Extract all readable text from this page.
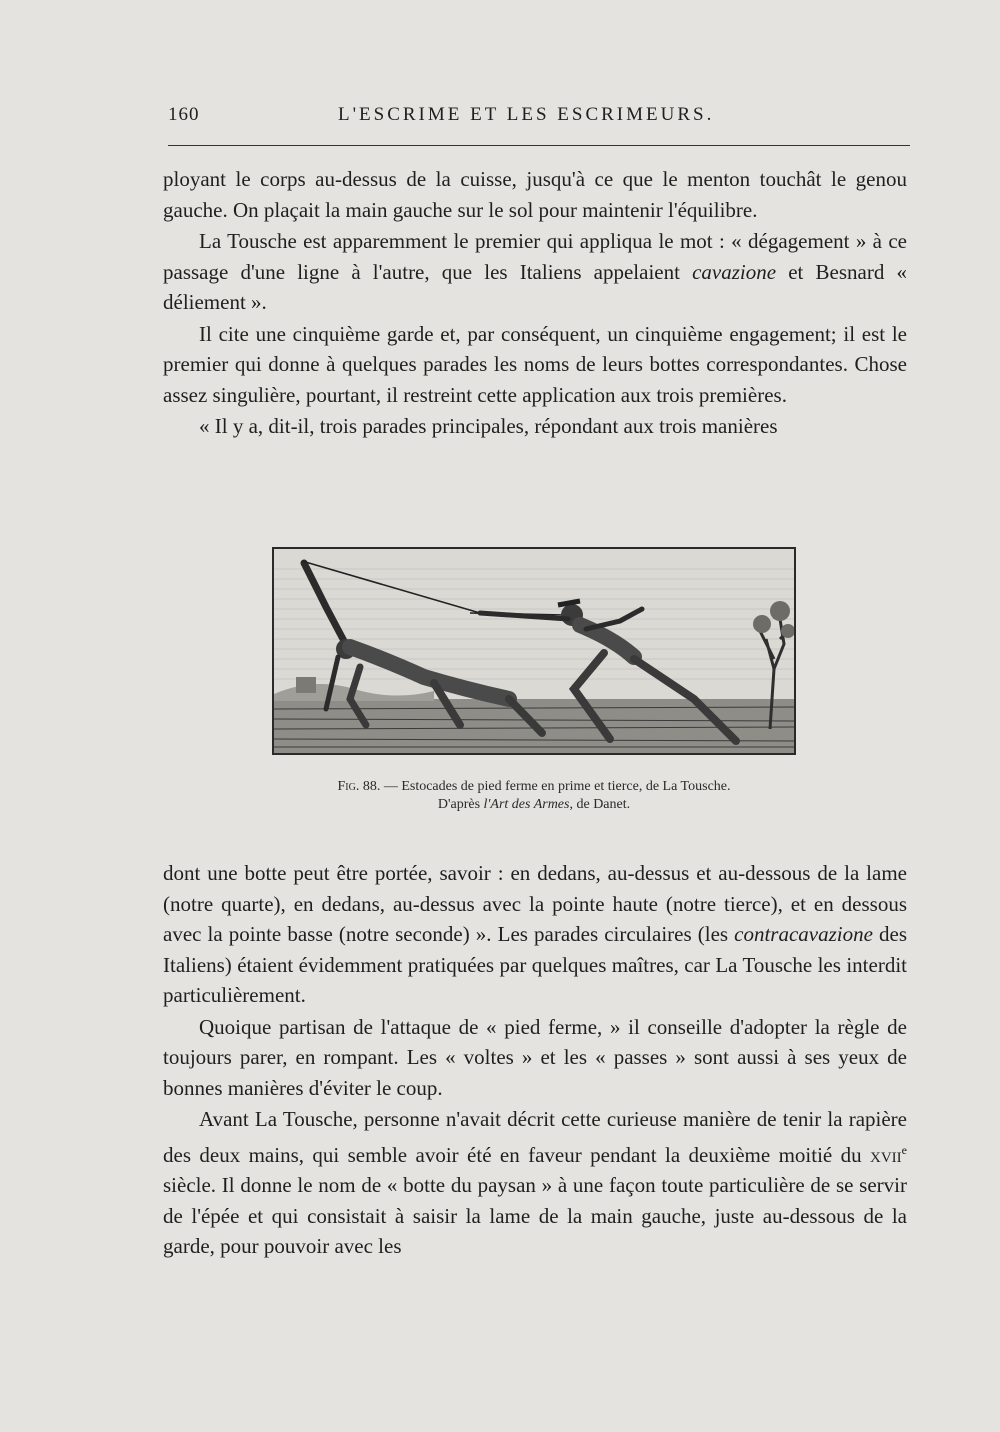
160	L'ESCRIME ET LES ESCRIMEURS.

ployant le corps au-dessus de la cuisse, jusqu'à ce que le menton touchât le genou gauche. On plaçait la main gauche sur le sol pour maintenir l'équilibre.

La Tousche est apparemment le premier qui appliqua le mot : « dégagement » à ce passage d'une ligne à l'autre, que les Italiens appelaient cavazione et Besnard « déliement ».

Il cite une cinquième garde et, par conséquent, un cinquième engagement; il est le premier qui donne à quelques parades les noms de leurs bottes correspondantes. Chose assez singulière, pourtant, il restreint cette application aux trois premières.

« Il y a, dit-il, trois parades principales, répondant aux trois manières

Fig. 88. — Estocades de pied ferme en prime et tierce, de La Tousche.
D'après l'Art des Armes, de Danet.

dont une botte peut être portée, savoir : en dedans, au-dessus et au-dessous de la lame (notre quarte), en dedans, au-dessus avec la pointe haute (notre tierce), et en dessous avec la pointe basse (notre seconde) ». Les parades circulaires (les contracavazione des Italiens) étaient évidemment pratiquées par quelques maîtres, car La Tousche les interdit particulièrement.

Quoique partisan de l'attaque de « pied ferme, » il conseille d'adopter la règle de toujours parer, en rompant. Les « voltes » et les « passes » sont aussi à ses yeux de bonnes manières d'éviter le coup.

Avant La Tousche, personne n'avait décrit cette curieuse manière de tenir la rapière des deux mains, qui semble avoir été en faveur pendant la deuxième moitié du xvii$^e$ siècle. Il donne le nom de « botte du paysan » à une façon toute particulière de se servir de l'épée et qui consistait à saisir la lame de la main gauche, juste au-dessous de la garde, pour pouvoir avec les
